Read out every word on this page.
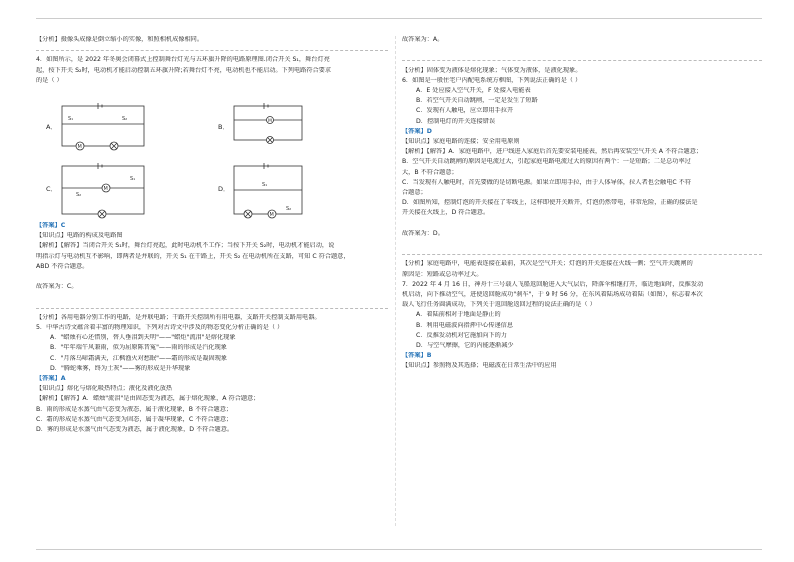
【分析】摄像头成像是倒立缩小的实像，和照相机成像相同。
4．如图所示，是 2022 年冬奥会闭幕式上控制舞台灯光与五环旗升降的电路原理图.闭合开关 S₁，舞台灯亮
起，按下开关 S₂时，电动机才能启动控制五环旗升降;若舞台灯不亮，电动机也不能启动。下列电路符合要求
的是（ ）
【答案】C
【知识点】电路的构成及电路图
【解析】【解答】当闭合开关 S₁时，舞台灯亮起，此时电动机不工作；当按下开关 S₂时，电动机才能启动，说
明指示灯与电动机互不影响，即两者是并联的，开关 S₁ 在干路上，开关 S₂ 在电动机所在支路，可知 C 符合题意，
ABD 不符合题意。
故答案为：C。
【分析】各用电器分别工作的电路，是并联电路；干路开关控制所有用电器，支路开关控制支路用电器。
5．中华古诗文蕴含着丰富的物理知识，下列对古诗文中涉及的物态变化分析正确的是（ ）
A．"蜡烛有心还惜别，替人垂泪到天明"——"蜡炬"流泪"是熔化现象
B．"年年端午风兼雨，似为屈原陈昔冤"——雨的形成是汽化现象
C．"月落乌啼霜满天，江枫渔火对愁眠"——霜的形成是凝固现象
D．"腾蛇乘雾，终为土灰"——雾的形成是升华现象
【答案】A
【知识点】熔化与熔化吸热特点；液化及液化放热
【解析】【解答】A．蜡烛"流泪"是由固态变为液态，属于熔化现象，A 符合题意；
B．雨的形成是水蒸气由气态变为液态，属于液化现象，B 不符合题意；
C．霜的形成是水蒸气由气态变为固态，属于凝华现象，C 不符合题意；
D．雾的形成是水蒸气由气态变为液态，属于液化现象，D 不符合题意。
故答案为：A。
【分析】固体变为液体是熔化现象；气体变为液体，是液化现象。
6．如图是一般住宅户内配电系统方框图，下列说法正确的是（ ）
A．E 处应接入空气开关，F 处接入电能表
B．若空气开关自动跳闸，一定是发生了短路
C．发现有人触电，应立即用手拉开
D．控制电灯的开关连接错误
【答案】D
【知识点】家庭电路的连接；安全用电原则
【解析】【解答】A．家庭电路中，进户线进入家庭后首先要安装电能表，然后再安装空气开关 A 不符合题意；
B．空气开关自动跳闸的原因是电流过大，引起家庭电路电流过大的原因有两个：一是短路；二是总功率过
大，B 不符合题意；
C．当发现有人触电时，首先要做的是切断电源。如果立即用手拉，由于人体导体，拉人者也会触电C 不符
合题意；
D．如图所知，控制灯泡的开关接在了零线上，这样即使开关断开，灯泡仍然带电，非常危险，正确的接法是
开关接在火线上，D 符合题意。
故答案为：D。
【分析】家庭电路中，电能表连接在最前，其次是空气开关；灯泡的开关连接在火线一侧；空气开关跳闸的
原因是：短路或总功率过大。
7．2022 年 4 月 16 日，神舟十三号载人飞船返回舱进入大气层后，降落伞相继打开，临近地面时，反推发动
机启动，向下推动空气，进使返回舱成功"刹车"，于 9 时 56 分，在东风着陆场成功着陆（如图），标志着本次
载人飞行任务圆满成功，下列关于返回舱返回过程的说法正确的是（ ）
A．着陆前相对于地面是静止的
B．利用电磁波向指挥中心传递信息
C．反推发动机对它施加向下的力
D．与空气摩擦，它的内能逐渐减少
【答案】B
【知识点】参照物及其选择；电磁波在日常生活中的应用
A．
M
S₁	S₂
B．
M
C．	M
S₁
S₂
D．
M
S₁
S₂
